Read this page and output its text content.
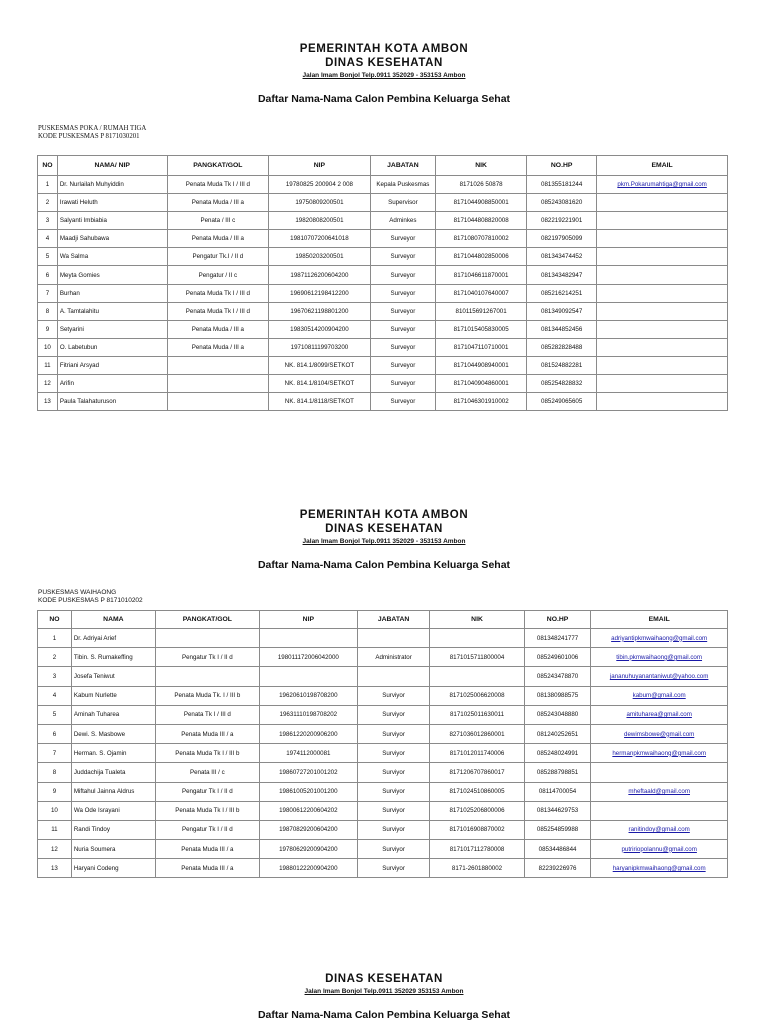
PEMERINTAH KOTA AMBON
DINAS KESEHATAN
Jalan Imam Bonjol Telp.0911 352029 - 353153 Ambon
Daftar Nama-Nama Calon Pembina Keluarga Sehat
PUSKESMAS POKA / RUMAH TIGA
KODE PUSKESMAS P 8171030201
NO	NAMA/ NIP	PANGKAT/GOL	NIP	JABATAN	NIK	NO.HP	EMAIL
1	Dr. Nurlailah Muhyiddin	Penata Muda Tk I / III d	19780825 200904 2 008	Kepala Puskesmas	8171026 50878	081355181244	pkm.Pokarumahtiga@gmail.com
2	Irawati Heluth	Penata Muda / III a	19750809200501	Supervisor	8171044908850001	085243081620	
3	Salyanti Imbiabia	Penata / III c	19820808200501	Adminkes	8171044808820008	082219221901	
4	Maadji Sahubawa	Penata Muda / III a	19810707200641018	Surveyor	8171080707810002	082197905099	
5	Wa Salma	Pengatur Tk.I / II d	19850203200501	Surveyor	8171044802850006	081343474452	
6	Meyta Gomies	Pengatur / II c	19871126200604200	Surveyor	8171046611870001	081343482947	
7	Burhan	Penata Muda Tk I / III d	19690612198412200	Surveyor	8171040107640007	085216214251	
8	A. Tamtalahitu	Penata Muda Tk I / III d	19670621198801200	Surveyor	810115691267001	081349092547	
9	Setyarini	Penata Muda / III a	19830514200904200	Surveyor	8171015405830005	081344852456	
10	O. Labetubun	Penata Muda / III a	19710811199703200	Surveyor	8171047110710001	085282828488	
11	Fitriani Arsyad		NK. 814.1/8099/SETKOT	Surveyor	8171044908940001	081524882281	
12	Arifin		NK. 814.1/8104/SETKOT	Surveyor	8171040904860001	085254828832	
13	Paula Talahaturuson		NK. 814.1/8118/SETKOT	Surveyor	8171046301910002	085249065605	
PEMERINTAH KOTA AMBON
DINAS KESEHATAN
Jalan Imam Bonjol Telp.0911 352029 - 353153 Ambon
Daftar Nama-Nama Calon Pembina Keluarga Sehat
PUSKESMAS WAIHAONG
KODE PUSKESMAS P 8171010202
NO	NAMA	PANGKAT/GOL	NIP	JABATAN	NIK	NO.HP	EMAIL
1	Dr. Adriyai Arief					081348241777	adriyantipkmwaihaong@gmail.com
2	Tibin. S. Rumakeffing	Pengatur Tk I / II d	198011172006042000	Administrator	8171015711800004	085249601006	tibin.pkmwaihaong@gmail.com
3	Josefa Teniwut					085243478870	jananuhuyanantaniwut@yahoo.com
4	Kabum Nurlette	Penata Muda Tk. I / III b	19620610198708200	Surviyor	8171025006620008	081380988575	kabum@gmail.com
5	Aminah Tuharea	Penata Tk I / III d	19631110198708202	Surviyor	8171025011630011	085243048880	amituharea@gmail.com
6	Dewi. S. Masbowe	Penata Muda III / a	19861220200906200	Surviyor	8271036012860001	081240252651	dewimsbowe@gmail.com
7	Herman. S. Ojamin	Penata Muda Tk I / III b	1974112000081	Surviyor	8171012011740006	085248024991	hermanpkmwaihaong@gmail.com
8	Juddachija Tualeta	Penata III / c	19860727201001202	Surviyor	8171206707860017	085288798851	
9	Miftahul Jainna Aldrus	Pengatur Tk I / II d	19861005201001200	Surviyor	8171024510860005	08114700054	mheftaald@gmail.com
10	Wa Ode Israyani	Penata Muda Tk I / III b	19800612200604202	Surviyor	8171025206800006	081344629753	
11	Randi Tindoy	Pengatur Tk I / II d	19870829200604200	Surviyor	8171016908870002	085254859988	ranitindoy@gmail.com
12	Nuria Soumera	Penata Muda III / a	19780629200904200	Surviyor	8171017112780008	08534486844	putririopolannu@gmail.com
13	Haryani Codeng	Penata Muda III / a	19880122200904200	Surviyor	8171-2601880002	82239226976	haryanipkmwaihaong@gmail.com
DINAS KESEHATAN
Jalan Imam Bonjol Telp.0911 352029 353153 Ambon
Daftar Nama-Nama Calon Pembina Keluarga Sehat
